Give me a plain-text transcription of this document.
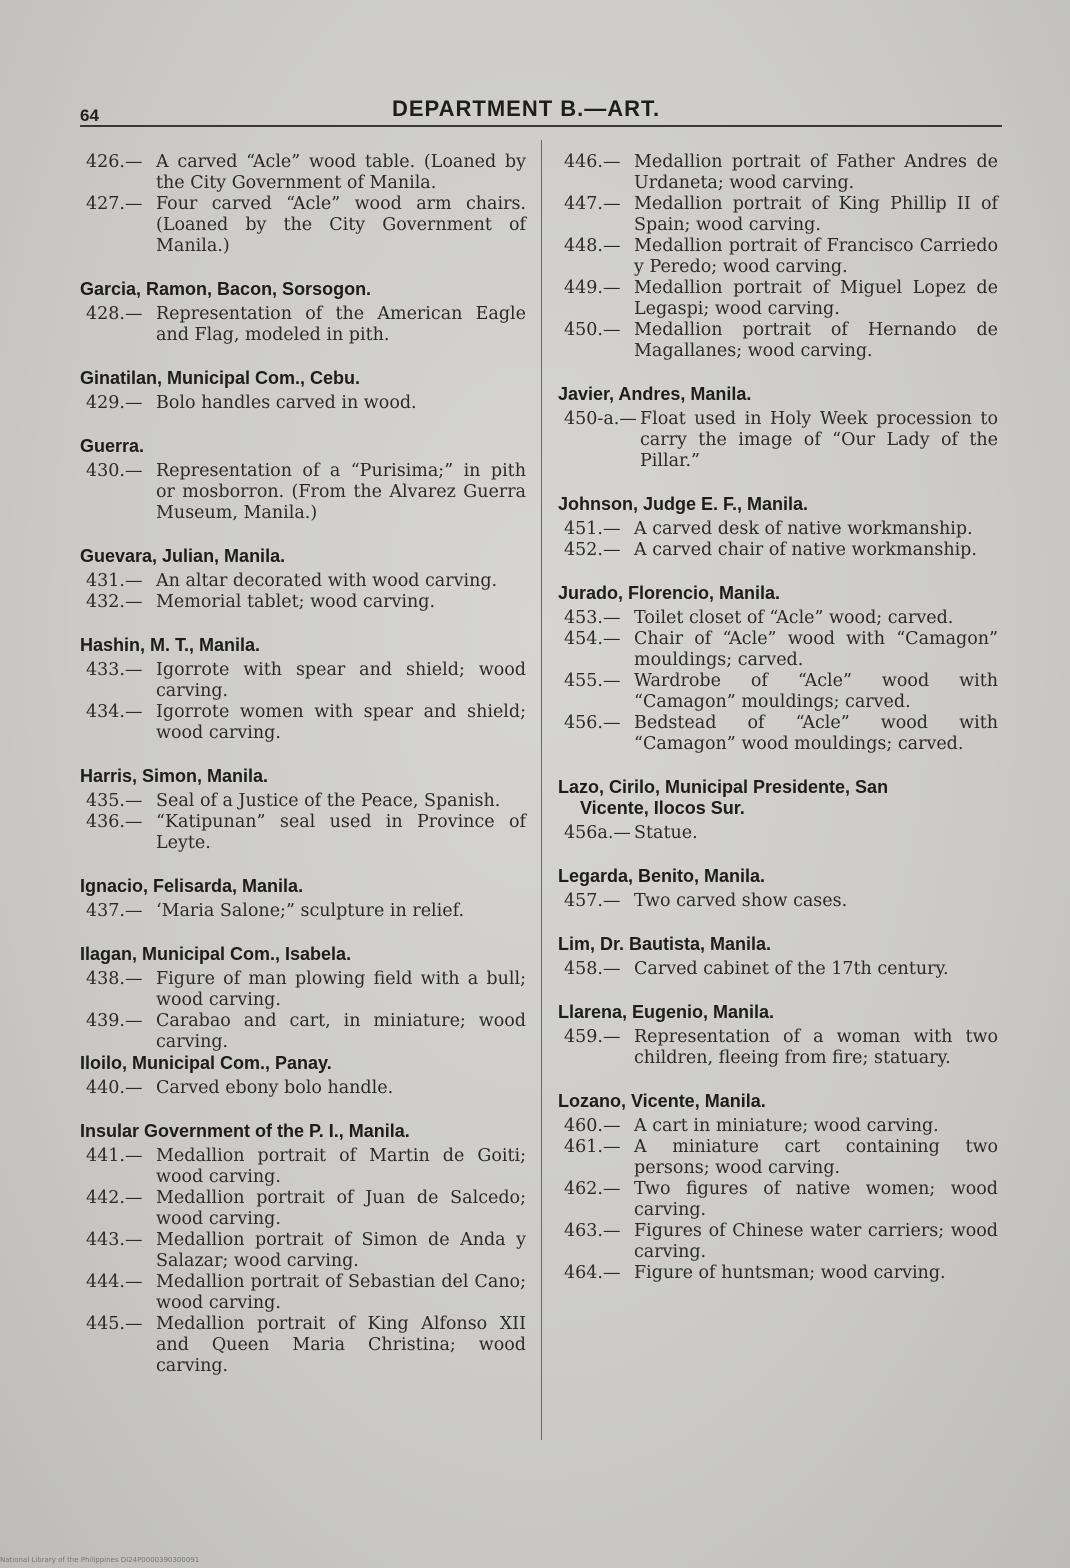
64	DEPARTMENT B.—ART.
426.— A carved “Acle” wood table. (Loaned by the City Government of Manila.
427.— Four carved “Acle” wood arm chairs. (Loaned by the City Government of Manila.)
Garcia, Ramon, Bacon, Sorsogon.
428.— Representation of the American Eagle and Flag, modeled in pith.
Ginatilan, Municipal Com., Cebu.
429.— Bolo handles carved in wood.
Guerra.
430.— Representation of a “Purisima;” in pith or mosborron. (From the Alvarez Guerra Museum, Manila.)
Guevara, Julian, Manila.
431.— An altar decorated with wood carving.
432.— Memorial tablet; wood carving.
Hashin, M. T., Manila.
433.— Igorrote with spear and shield; wood carving.
434.— Igorrote women with spear and shield; wood carving.
Harris, Simon, Manila.
435.— Seal of a Justice of the Peace, Spanish.
436.— “Katipunan” seal used in Province of Leyte.
Ignacio, Felisarda, Manila.
437.— ‘Maria Salone;” sculpture in relief.
Ilagan, Municipal Com., Isabela.
438.— Figure of man plowing field with a bull; wood carving.
439.— Carabao and cart, in miniature; wood carving.
Iloilo, Municipal Com., Panay.
440.— Carved ebony bolo handle.
Insular Government of the P. I., Manila.
441.— Medallion portrait of Martin de Goiti; wood carving.
442.— Medallion portrait of Juan de Salcedo; wood carving.
443.— Medallion portrait of Simon de Anda y Salazar; wood carving.
444.— Medallion portrait of Sebastian del Cano; wood carving.
445.— Medallion portrait of King Alfonso XII and Queen Maria Christina; wood carving.
446.— Medallion portrait of Father Andres de Urdaneta; wood carving.
447.— Medallion portrait of King Phillip II of Spain; wood carving.
448.— Medallion portrait of Francisco Carriedo y Peredo; wood carving.
449.— Medallion portrait of Miguel Lopez de Legaspi; wood carving.
450.— Medallion portrait of Hernando de Magallanes; wood carving.
Javier, Andres, Manila.
450-a.— Float used in Holy Week procession to carry the image of “Our Lady of the Pillar.”
Johnson, Judge E. F., Manila.
451.— A carved desk of native workmanship.
452.— A carved chair of native workmanship.
Jurado, Florencio, Manila.
453.— Toilet closet of “Acle” wood; carved.
454.— Chair of “Acle” wood with “Camagon” mouldings; carved.
455.— Wardrobe of “Acle” wood with “Camagon” mouldings; carved.
456.— Bedstead of “Acle” wood with “Camagon” wood mouldings; carved.
Lazo, Cirilo, Municipal Presidente, San
Vicente, Ilocos Sur.
456a.— Statue.
Legarda, Benito, Manila.
457.— Two carved show cases.
Lim, Dr. Bautista, Manila.
458.— Carved cabinet of the 17th century.
Llarena, Eugenio, Manila.
459.— Representation of a woman with two children, fleeing from fire; statuary.
Lozano, Vicente, Manila.
460.— A cart in miniature; wood carving.
461.— A miniature cart containing two persons; wood carving.
462.— Two figures of native women; wood carving.
463.— Figures of Chinese water carriers; wood carving.
464.— Figure of huntsman; wood carving.
National Library of the Philippines DI24P0000390300091
